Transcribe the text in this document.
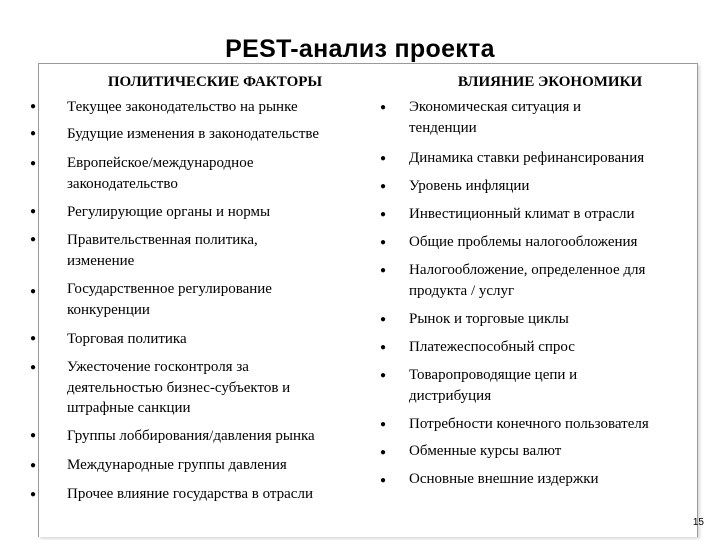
PEST-анализ проекта
ПОЛИТИЧЕСКИЕ ФАКТОРЫ	ВЛИЯНИЕ ЭКОНОМИКИ
● Текущее законодательство на рынке
● Будущие изменения в законодательстве
● Европейское/международное законодательство
● Регулирующие органы и нормы
● Правительственная политика, изменение
● Государственное регулирование конкуренции
● Торговая политика
● Ужесточение госконтроля за деятельностью бизнес-субъектов и штрафные санкции
● Группы лоббирования/давления рынка
● Международные группы давления
● Прочее влияние государства в отрасли
● Экономическая ситуация и тенденции
● Динамика ставки рефинансирования
● Уровень инфляции
● Инвестиционный климат в отрасли
● Общие проблемы налогообложения
● Налогообложение, определенное для продукта / услуг
● Рынок и торговые циклы
● Платежеспособный спрос
● Товаропроводящие цепи и дистрибуция
● Потребности конечного пользователя
● Обменные курсы валют
● Основные внешние издержки
15
